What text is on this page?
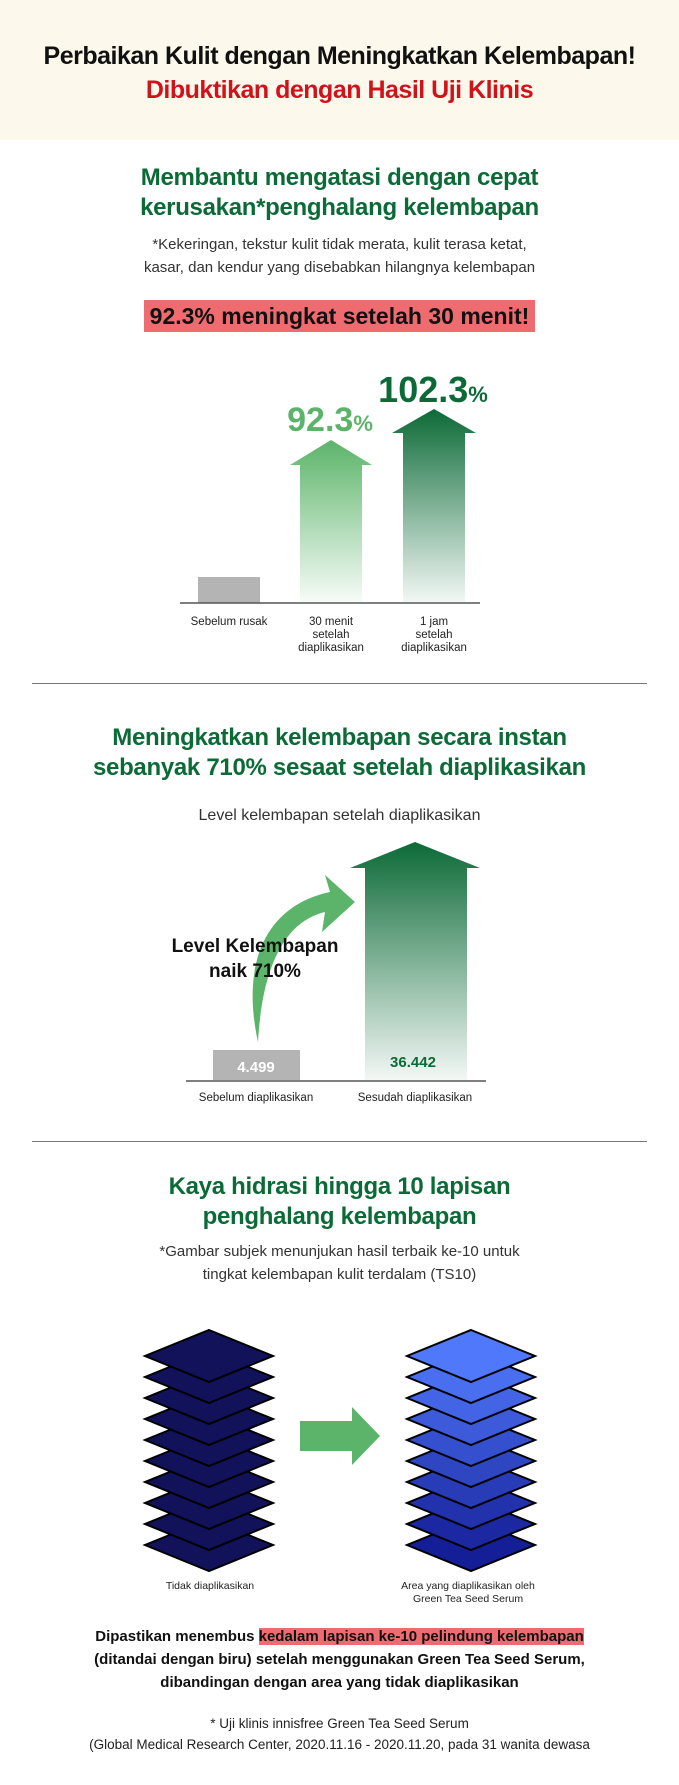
Perbaikan Kulit dengan Meningkatkan Kelembapan!
Dibuktikan dengan Hasil Uji Klinis
Membantu mengatasi dengan cepat
kerusakan*penghalang kelembapan
*Kekeringan, tekstur kulit tidak merata, kulit terasa ketat,
kasar, dan kendur yang disebabkan hilangnya kelembapan
92.3% meningkat setelah 30 menit!
92.3%
102.3%
Sebelum rusak	30 menit
setelah
diaplikasikan
1 jam
setelah
diaplikasikan
Meningkatkan kelembapan secara instan
sebanyak 710% sesaat setelah diaplikasikan
Level kelembapan setelah diaplikasikan
4.499	36.442
Level Kelembapan
naik 710%
Sebelum diaplikasikan	Sesudah diaplikasikan
Kaya hidrasi hingga 10 lapisan
penghalang kelembapan
*Gambar subjek menunjukan hasil terbaik ke-10 untuk
tingkat kelembapan kulit terdalam (TS10)
Tidak diaplikasikan	Area yang diaplikasikan oleh
Green Tea Seed Serum
Dipastikan menembus kedalam lapisan ke-10 pelindung kelembapan
(ditandai dengan biru) setelah menggunakan Green Tea Seed Serum,
dibandingan dengan area yang tidak diaplikasikan
* Uji klinis innisfree Green Tea Seed Serum
(Global Medical Research Center, 2020.11.16 - 2020.11.20, pada 31 wanita dewasa
